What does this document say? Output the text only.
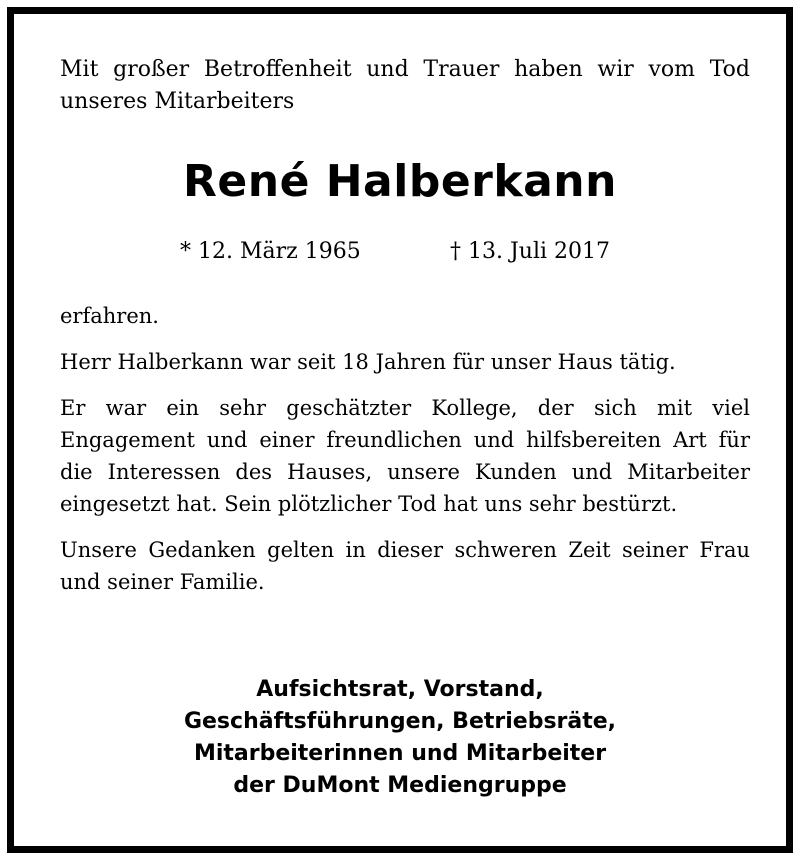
Mit großer Betroffenheit und Trauer haben wir vom Tod unseres Mitarbeiters
René Halberkann
* 12. März 1965	† 13. Juli 2017

erfahren.

Herr Halberkann war seit 18 Jahren für unser Haus tätig.

Er war ein sehr geschätzter Kollege, der sich mit viel Engagement und einer freundlichen und hilfsbereiten Art für die Interessen des Hauses, unsere Kunden und Mitarbeiter eingesetzt hat. Sein plötzlicher Tod hat uns sehr bestürzt.

Unsere Gedanken gelten in dieser schweren Zeit seiner Frau und seiner Familie.

Aufsichtsrat, Vorstand,
Geschäftsführungen, Betriebsräte,
Mitarbeiterinnen und Mitarbeiter
der DuMont Mediengruppe
